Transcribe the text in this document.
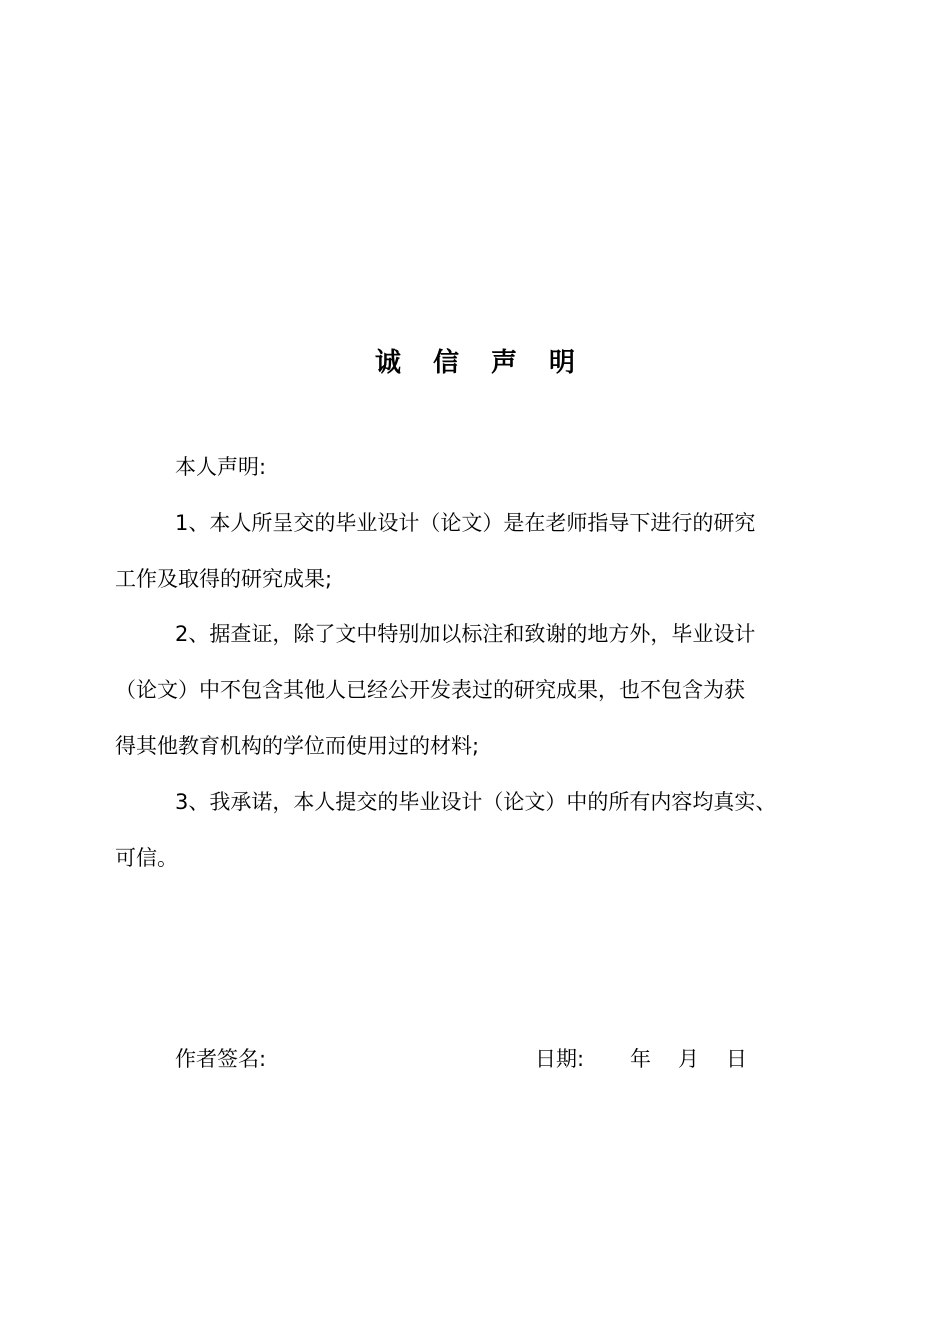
诚信声明
本人声明:
1、本人所呈交的毕业设计（论文）是在老师指导下进行的研究
工作及取得的研究成果;
2、据查证，除了文中特别加以标注和致谢的地方外，毕业设计
（论文）中不包含其他人已经公开发表过的研究成果，也不包含为获
得其他教育机构的学位而使用过的材料;
3、我承诺，本人提交的毕业设计（论文）中的所有内容均真实、
可信。
作者签名:	日期: 年 月 日
